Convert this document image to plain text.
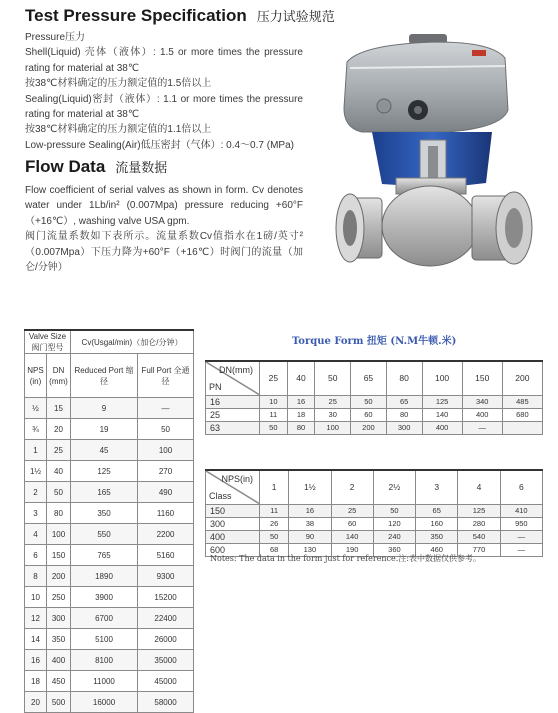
Test Pressure Specification 压力试验规范
Pressure压力
Shell(Liquid) 壳体（液体）: 1.5 or more times the pressure rating for material at 38℃
按38℃材料确定的压力额定值的1.5倍以上
Sealing(Liquid)密封（液体）: 1.1 or more times the pressure rating for material at 38℃
按38℃材料确定的压力额定值的1.1倍以上
Low-pressure Sealing(Air)低压密封（气体）: 0.4～0.7 (MPa)
Flow Data 流量数据
Flow coefficient of serial valves as shown in form. Cv denotes water under 1Lb/in² (0.007Mpa) pressure reducing +60°F（+16℃）, washing valve USA gpm.
阀门流量系数如下表所示。流量系数Cv值指水在1磅/英寸²（0.007Mpa）下压力降为+60°F（+16℃）时阀门的流量（加仑/分钟）
Valve Size
阀门型号		Cv(Usgal/min)（加仑/分钟）	
NPS (in)	DN (mm)	Reduced Port 缩径	Full Port 全通径
½	15	9	—
¾	20	19	50
1	25	45	100
1½	40	125	270
2	50	165	490
3	80	350	1160
4	100	550	2200
6	150	765	5160
8	200	1890	9300
10	250	3900	15200
12	300	6700	22400
14	350	5100	26000
16	400	8100	35000
18	450	11000	45000
20	500	16000	58000
Torque Form 扭矩 (N.M牛顿.米)
DN(mm)
PN	25	40	50	65	80	100	150	200
16	10	16	25	50	65	125	340	485
25	11	18	30	60	80	140	400	680
63	50	80	100	200	300	400	—	
NPS(in)
Class	1	1½	2	2½	3	4	6
150	11	16	25	50	65	125	410
300	26	38	60	120	160	280	950
400	50	90	140	240	350	540	—
600	68	130	190	360	460	770	—
Notes: The data in the form just for reference.注:表中数据仅供参考。
